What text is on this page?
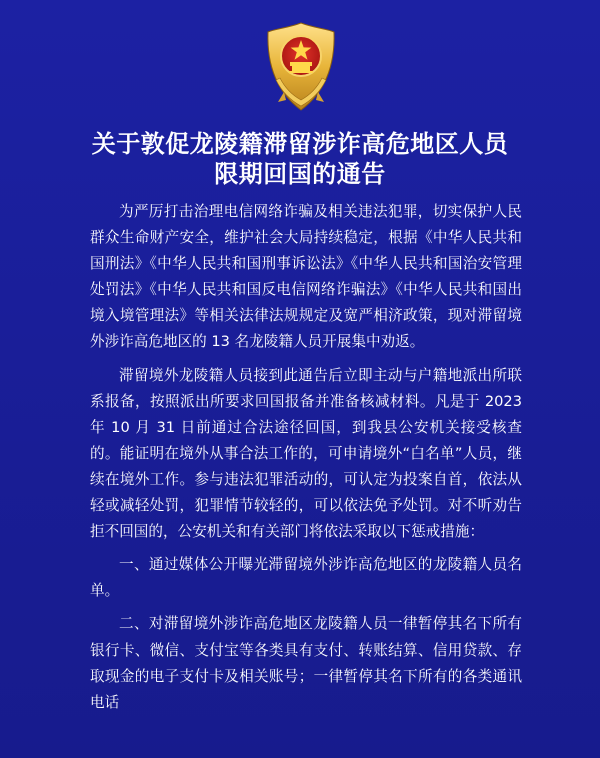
关于敦促龙陵籍滞留涉诈高危地区人员
限期回国的通告

为严厉打击治理电信网络诈骗及相关违法犯罪，切实保护人民群众生命财产安全，维护社会大局持续稳定，根据《中华人民共和国刑法》《中华人民共和国刑事诉讼法》《中华人民共和国治安管理处罚法》《中华人民共和国反电信网络诈骗法》《中华人民共和国出境入境管理法》等相关法律法规规定及宽严相济政策，现对滞留境外涉诈高危地区的 13 名龙陵籍人员开展集中劝返。

滞留境外龙陵籍人员接到此通告后立即主动与户籍地派出所联系报备，按照派出所要求回国报备并准备核减材料。凡是于 2023 年 10 月 31 日前通过合法途径回国，到我县公安机关接受核查的。能证明在境外从事合法工作的，可申请境外“白名单”人员，继续在境外工作。参与违法犯罪活动的，可认定为投案自首，依法从轻或减轻处罚，犯罪情节较轻的，可以依法免予处罚。对不听劝告拒不回国的，公安机关和有关部门将依法采取以下惩戒措施：

一、通过媒体公开曝光滞留境外涉诈高危地区的龙陵籍人员名单。

二、对滞留境外涉诈高危地区龙陵籍人员一律暂停其名下所有银行卡、微信、支付宝等各类具有支付、转账结算、信用贷款、存取现金的电子支付卡及相关账号；一律暂停其名下所有的各类通讯电话
